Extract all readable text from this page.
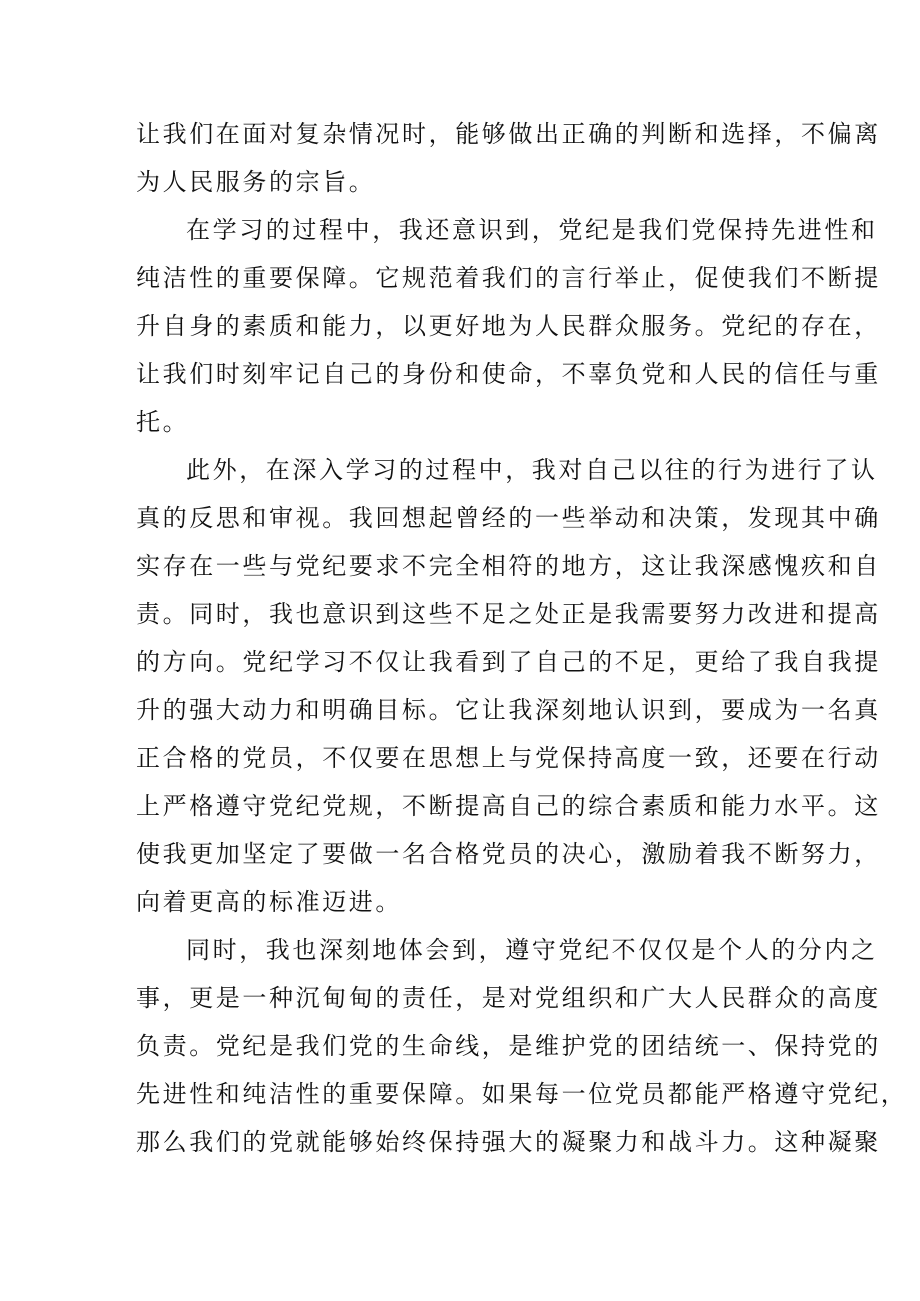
让我们在面对复杂情况时，能够做出正确的判断和选择，不偏离
为人民服务的宗旨。
在学习的过程中，我还意识到，党纪是我们党保持先进性和
纯洁性的重要保障。它规范着我们的言行举止，促使我们不断提
升自身的素质和能力，以更好地为人民群众服务。党纪的存在，
让我们时刻牢记自己的身份和使命，不辜负党和人民的信任与重
托。
此外，在深入学习的过程中，我对自己以往的行为进行了认
真的反思和审视。我回想起曾经的一些举动和决策，发现其中确
实存在一些与党纪要求不完全相符的地方，这让我深感愧疚和自
责。同时，我也意识到这些不足之处正是我需要努力改进和提高
的方向。党纪学习不仅让我看到了自己的不足，更给了我自我提
升的强大动力和明确目标。它让我深刻地认识到，要成为一名真
正合格的党员，不仅要在思想上与党保持高度一致，还要在行动
上严格遵守党纪党规，不断提高自己的综合素质和能力水平。这
使我更加坚定了要做一名合格党员的决心，激励着我不断努力，
向着更高的标准迈进。
同时，我也深刻地体会到，遵守党纪不仅仅是个人的分内之
事，更是一种沉甸甸的责任，是对党组织和广大人民群众的高度
负责。党纪是我们党的生命线，是维护党的团结统一、保持党的
先进性和纯洁性的重要保障。如果每一位党员都能严格遵守党纪，
那么我们的党就能够始终保持强大的凝聚力和战斗力。这种凝聚
